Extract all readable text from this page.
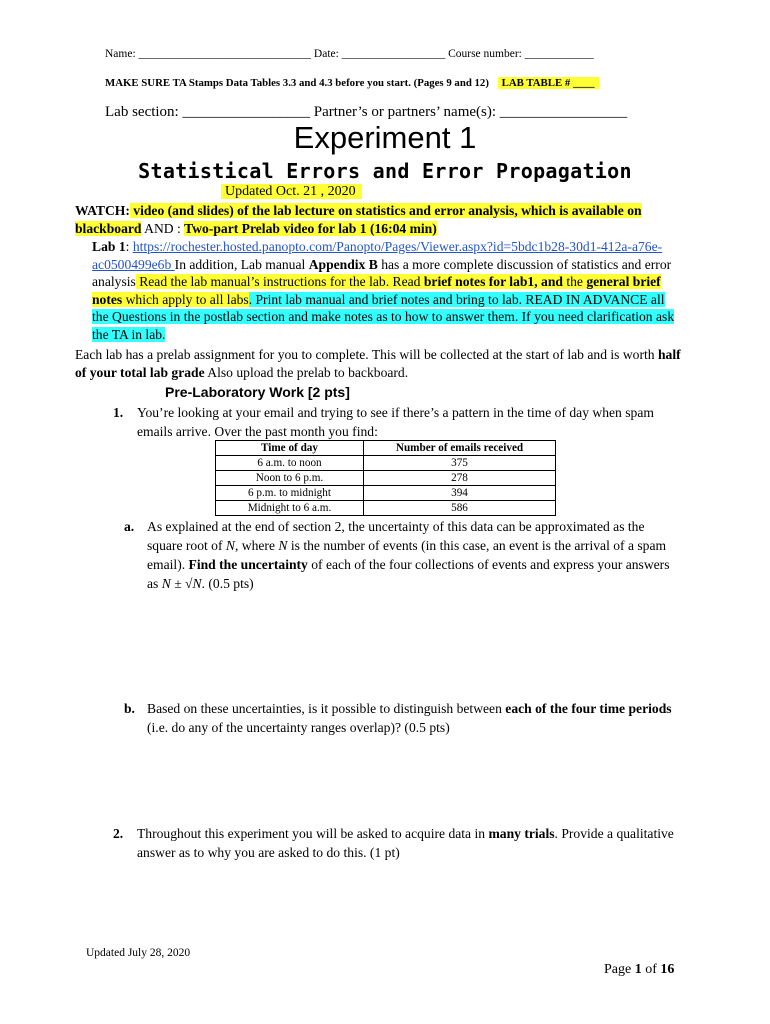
Name: ______________________________ Date: __________________ Course number: ____________
MAKE SURE TA Stamps Data Tables 3.3 and 4.3 before you start. (Pages 9 and 12) LAB TABLE # ____
Lab section: _________________ Partner’s or partners’ name(s): _________________
Experiment 1
Statistical Errors and Error Propagation
Updated Oct. 21 , 2020
WATCH: video (and slides) of the lab lecture on statistics and error analysis, which is available on blackboard AND : Two-part Prelab video for lab 1 (16:04 min)
Lab 1: https://rochester.hosted.panopto.com/Panopto/Pages/Viewer.aspx?id=5bdc1b28-30d1-412a-a76e-ac0500499e6b In addition, Lab manual Appendix B has a more complete discussion of statistics and error analysis Read the lab manual’s instructions for the lab. Read brief notes for lab1, and the general brief notes which apply to all labs. Print lab manual and brief notes and bring to lab. READ IN ADVANCE all the Questions in the postlab section and make notes as to how to answer them. If you need clarification ask the TA in lab.
Each lab has a prelab assignment for you to complete. This will be collected at the start of lab and is worth half of your total lab grade Also upload the prelab to backboard.
Pre-Laboratory Work [2 pts]
1. You’re looking at your email and trying to see if there’s a pattern in the time of day when spam emails arrive. Over the past month you find:
Time of day	Number of emails received
6 a.m. to noon	375
Noon to 6 p.m.	278
6 p.m. to midnight	394
Midnight to 6 a.m.	586
a. As explained at the end of section 2, the uncertainty of this data can be approximated as the square root of N, where N is the number of events (in this case, an event is the arrival of a spam email). Find the uncertainty of each of the four collections of events and express your answers as N ± √N. (0.5 pts)
b. Based on these uncertainties, is it possible to distinguish between each of the four time periods (i.e. do any of the uncertainty ranges overlap)? (0.5 pts)
2. Throughout this experiment you will be asked to acquire data in many trials. Provide a qualitative answer as to why you are asked to do this. (1 pt)
Updated July 28, 2020
Page 1 of 16
